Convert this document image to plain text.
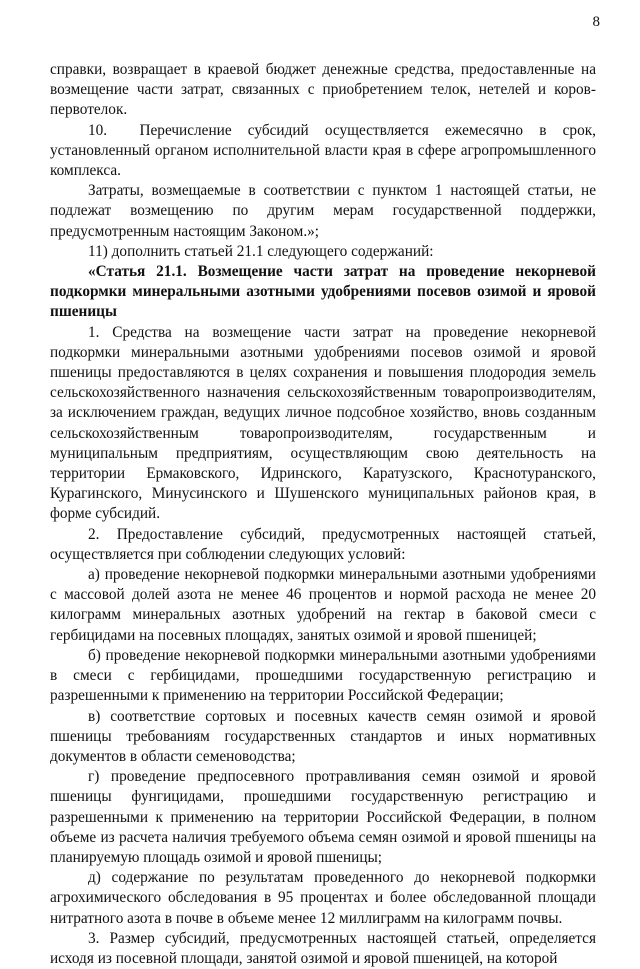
8

справки, возвращает в краевой бюджет денежные средства, предоставленные на возмещение части затрат, связанных с приобретением телок, нетелей и коров-первотелок.

10.  Перечисление субсидий осуществляется ежемесячно в срок, установленный органом исполнительной власти края в сфере агропромышленного комплекса.

Затраты, возмещаемые в соответствии с пунктом 1 настоящей статьи, не подлежат возмещению по другим мерам государственной поддержки, предусмотренным настоящим Законом.»;

11) дополнить статьей 21.1 следующего содержаний:

«Статья 21.1. Возмещение части затрат на проведение некорневой подкормки минеральными азотными удобрениями посевов озимой и яровой пшеницы

1. Средства на возмещение части затрат на проведение некорневой подкормки минеральными азотными удобрениями посевов озимой и яровой пшеницы предоставляются в целях сохранения и повышения плодородия земель сельскохозяйственного назначения сельскохозяйственным товаропроизводителям, за исключением граждан, ведущих личное подсобное хозяйство, вновь созданным сельскохозяйственным товаропроизводителям, государственным и муниципальным предприятиям, осуществляющим свою деятельность на территории Ермаковского, Идринского, Каратузского, Краснотуранского, Курагинского, Минусинского и Шушенского муниципальных районов края, в форме субсидий.

2. Предоставление субсидий, предусмотренных настоящей статьей, осуществляется при соблюдении следующих условий:

а) проведение некорневой подкормки минеральными азотными удобрениями с массовой долей азота не менее 46 процентов и нормой расхода не менее 20 килограмм минеральных азотных удобрений на гектар в баковой смеси с гербицидами на посевных площадях, занятых озимой и яровой пшеницей;

б) проведение некорневой подкормки минеральными азотными удобрениями в смеси с гербицидами, прошедшими государственную регистрацию и разрешенными к применению на территории Российской Федерации;

в) соответствие сортовых и посевных качеств семян озимой и яровой пшеницы требованиям государственных стандартов и иных нормативных документов в области семеноводства;

г) проведение предпосевного протравливания семян озимой и яровой пшеницы фунгицидами, прошедшими государственную регистрацию и разрешенными к применению на территории Российской Федерации, в полном объеме из расчета наличия требуемого объема семян озимой и яровой пшеницы на планируемую площадь озимой и яровой пшеницы;

д) содержание по результатам проведенного до некорневой подкормки агрохимического обследования в 95 процентах и более обследованной площади нитратного азота в почве в объеме менее 12 миллиграмм на килограмм почвы.

3. Размер субсидий, предусмотренных настоящей статьей, определяется исходя из посевной площади, занятой озимой и яровой пшеницей, на которой
